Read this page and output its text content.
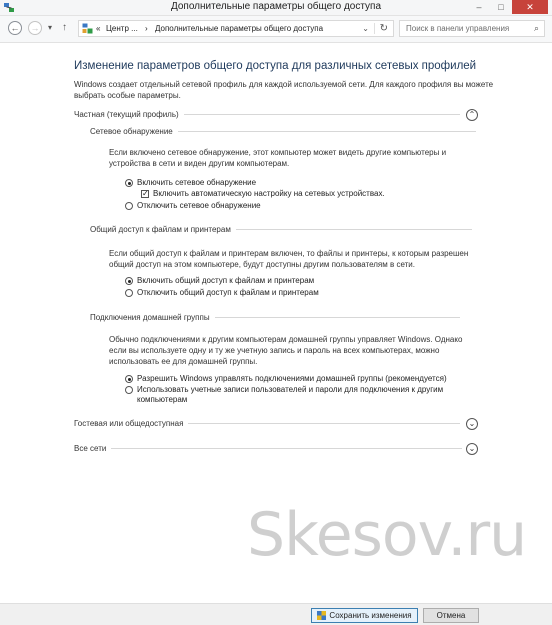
Дополнительные параметры общего доступа	–	□	✕
← →	▾ ↑	« Центр ... › Дополнительные параметры общего доступа	⌄ ↻	Поиск в панели управления	⌕
Изменение параметров общего доступа для различных сетевых профилей
Windows создает отдельный сетевой профиль для каждой используемой сети. Для каждого профиля вы можете выбрать особые параметры.
Частная (текущий профиль)	⌃
Сетевое обнаружение
Если включено сетевое обнаружение, этот компьютер может видеть другие компьютеры и устройства в сети и виден другим компьютерам.
Включить сетевое обнаружение
✓ Включить автоматическую настройку на сетевых устройствах.
Отключить сетевое обнаружение
Общий доступ к файлам и принтерам
Если общий доступ к файлам и принтерам включен, то файлы и принтеры, к которым разрешен общий доступ на этом компьютере, будут доступны другим пользователям в сети.
Включить общий доступ к файлам и принтерам
Отключить общий доступ к файлам и принтерам
Подключения домашней группы
Обычно подключениями к другим компьютерам домашней группы управляет Windows. Однако если вы используете одну и ту же учетную запись и пароль на всех компьютерах, можно использовать ее для домашней группы.
Разрешить Windows управлять подключениями домашней группы (рекомендуется)
Использовать учетные записи пользователей и пароли для подключения к другим
компьютерам
Гостевая или общедоступная	⌄
Все сети	⌄
Skesov.ru
Сохранить изменения	Отмена
